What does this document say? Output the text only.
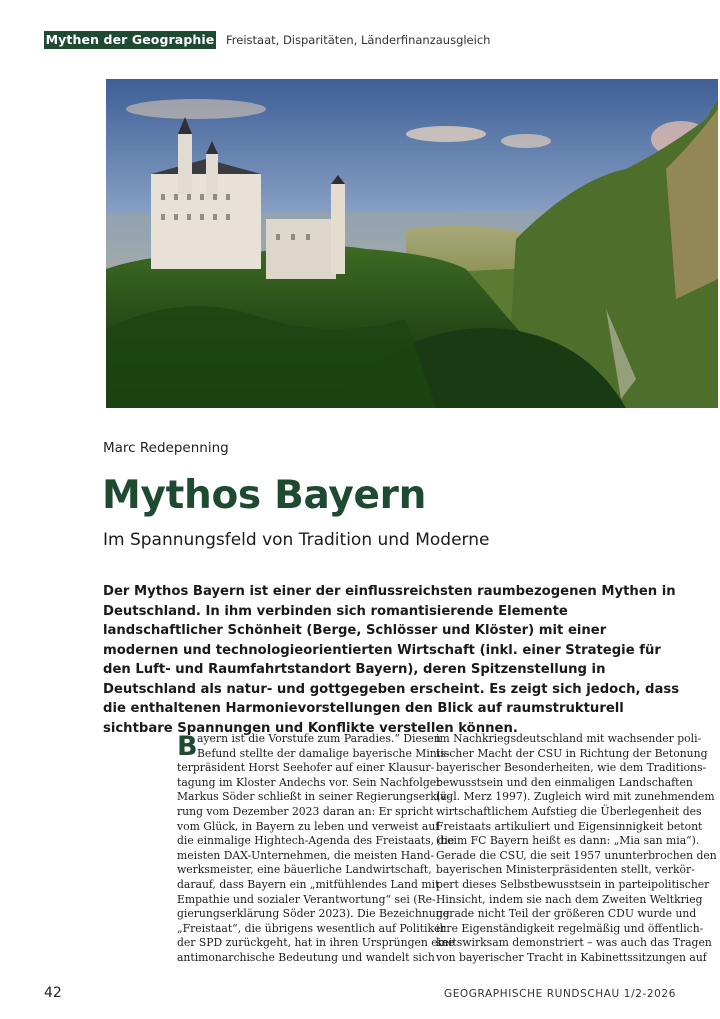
Mythen der Geographie Freistaat, Disparitäten, Länderfinanzausgleich
Marc Redepenning
Mythos Bayern
Im Spannungsfeld von Tradition und Moderne
Der Mythos Bayern ist einer der einflussreichsten raumbezogenen Mythen in Deutschland. In ihm verbinden sich romantisierende Elemente landschaftlicher Schönheit (Berge, Schlösser und Klöster) mit einer modernen und technologieorientierten Wirtschaft (inkl. einer Strategie für den Luft- und Raumfahrtstandort Bayern), deren Spitzenstellung in Deutschland als natur- und gottgegeben erscheint. Es zeigt sich jedoch, dass die enthaltenen Harmonievorstellungen den Blick auf raumstrukturell sichtbare Spannungen und Konflikte verstellen können.
B ayern ist die Vorstufe zum Paradies.“ Diesen
Befund stellte der damalige bayerische Minis-
terpräsident Horst Seehofer auf einer Klausur-
tagung im Kloster Andechs vor. Sein Nachfolger
Markus Söder schließt in seiner Regierungserklä-
rung vom Dezember 2023 daran an: Er spricht
vom Glück, in Bayern zu leben und verweist auf
die einmalige Hightech-Agenda des Freistaats, die
meisten DAX-Unternehmen, die meisten Hand-
werksmeister, eine bäuerliche Landwirtschaft,
darauf, dass Bayern ein „mitfühlendes Land mit
Empathie und sozialer Verantwortung“ sei (Re-
gierungserklärung Söder 2023). Die Bezeichnung
„Freistaat“, die übrigens wesentlich auf Politiker
der SPD zurückgeht, hat in ihren Ursprüngen eine
antimonarchische Bedeutung und wandelt sich
im Nachkriegsdeutschland mit wachsender poli-
tischer Macht der CSU in Richtung der Betonung
bayerischer Besonderheiten, wie dem Traditions-
bewusstsein und den einmaligen Landschaften
(vgl. Merz 1997). Zugleich wird mit zunehmendem
wirtschaftlichem Aufstieg die Überlegenheit des
Freistaats artikuliert und Eigensinnigkeit betont
(beim FC Bayern heißt es dann: „Mia san mia“).
Gerade die CSU, die seit 1957 ununterbrochen den
bayerischen Ministerpräsidenten stellt, verkör-
pert dieses Selbstbewusstsein in parteipolitischer
Hinsicht, indem sie nach dem Zweiten Weltkrieg
gerade nicht Teil der größeren CDU wurde und
ihre Eigenständigkeit regelmäßig und öffentlich-
keitswirksam demonstriert – was auch das Tragen
von bayerischer Tracht in Kabinettssitzungen auf
42	GEOGRAPHISCHE RUNDSCHAU 1/2-2026
